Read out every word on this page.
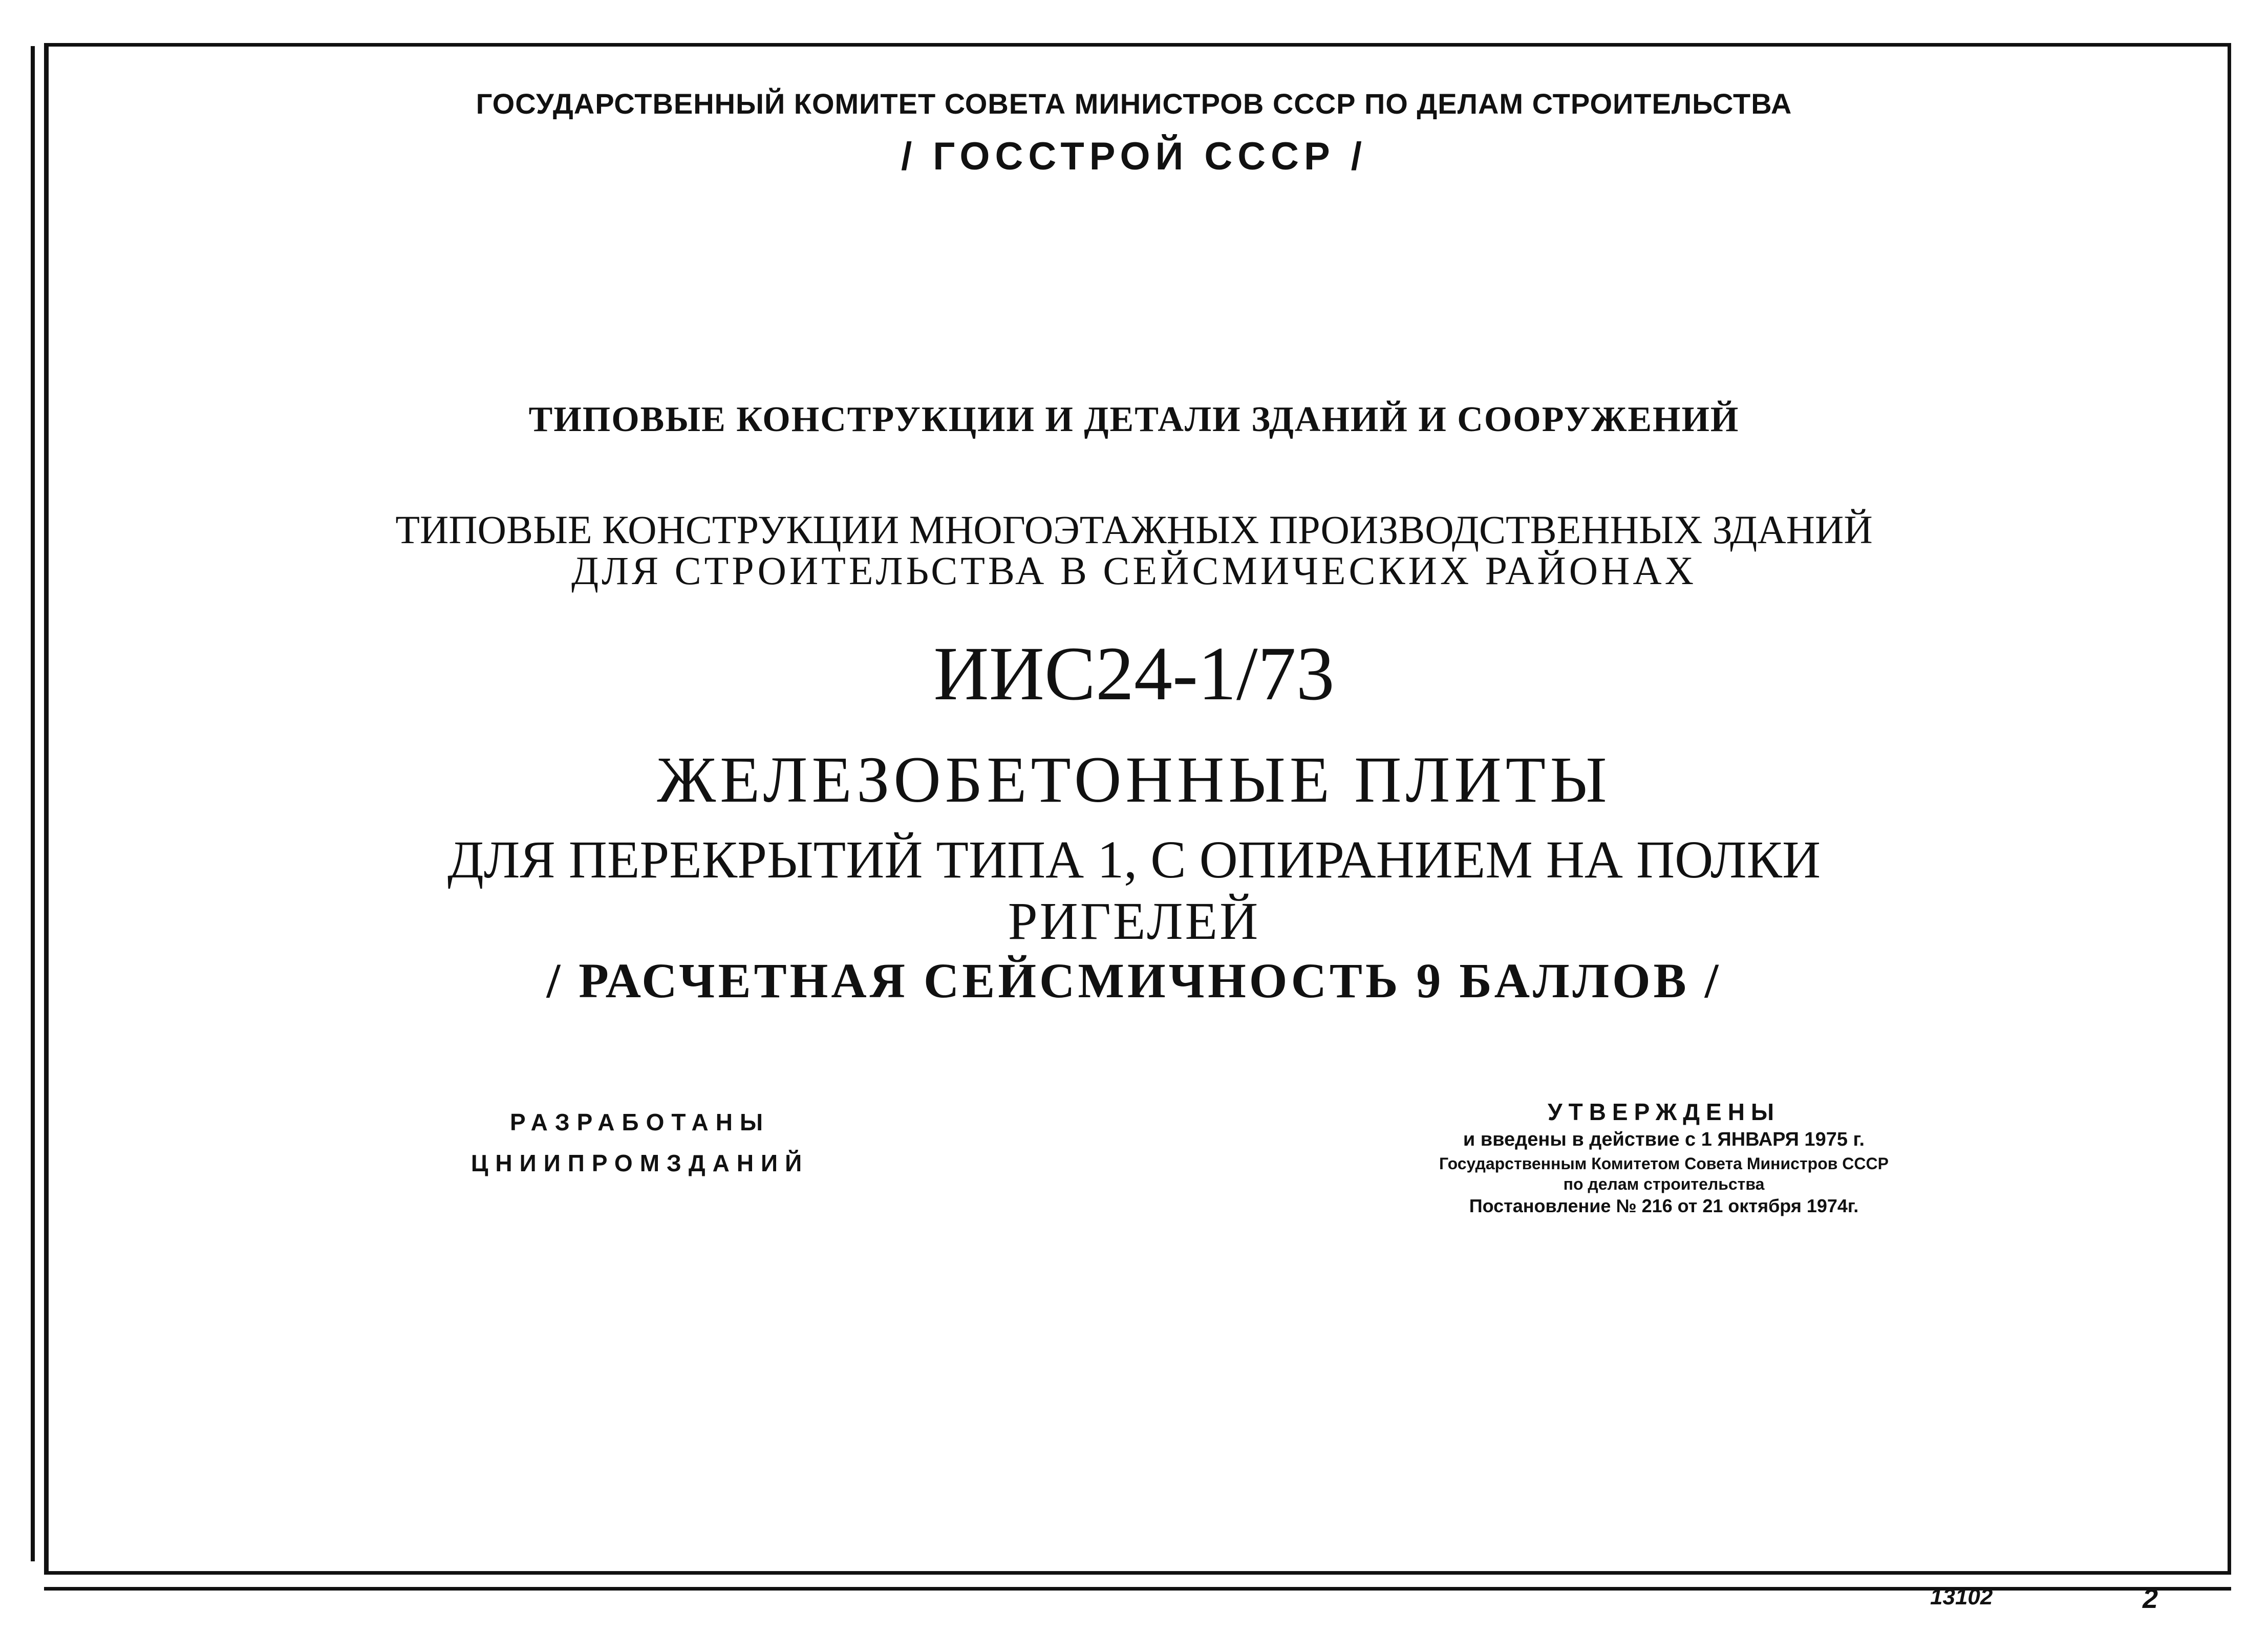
ГОСУДАРСТВЕННЫЙ КОМИТЕТ СОВЕТА МИНИСТРОВ СССР ПО ДЕЛАМ СТРОИТЕЛЬСТВА
/ ГОССТРОЙ СССР /
ТИПОВЫЕ КОНСТРУКЦИИ И ДЕТАЛИ ЗДАНИЙ И СООРУЖЕНИЙ
ТИПОВЫЕ КОНСТРУКЦИИ МНОГОЭТАЖНЫХ ПРОИЗВОДСТВЕННЫХ ЗДАНИЙ
ДЛЯ СТРОИТЕЛЬСТВА В СЕЙСМИЧЕСКИХ РАЙОНАХ
ИИС24-1/73
ЖЕЛЕЗОБЕТОННЫЕ ПЛИТЫ
ДЛЯ ПЕРЕКРЫТИЙ ТИПА 1, С ОПИРАНИЕМ НА ПОЛКИ
РИГЕЛЕЙ
/ РАСЧЕТНАЯ СЕЙСМИЧНОСТЬ 9 БАЛЛОВ /
РАЗРАБОТАНЫ
ЦНИИПРОМЗДАНИЙ
УТВЕРЖДЕНЫ
и введены в действие с 1 ЯНВАРЯ 1975 г.
Государственным Комитетом Совета Министров СССР
по делам строительства
Постановление № 216 от 21 октября 1974г.
13102	2
